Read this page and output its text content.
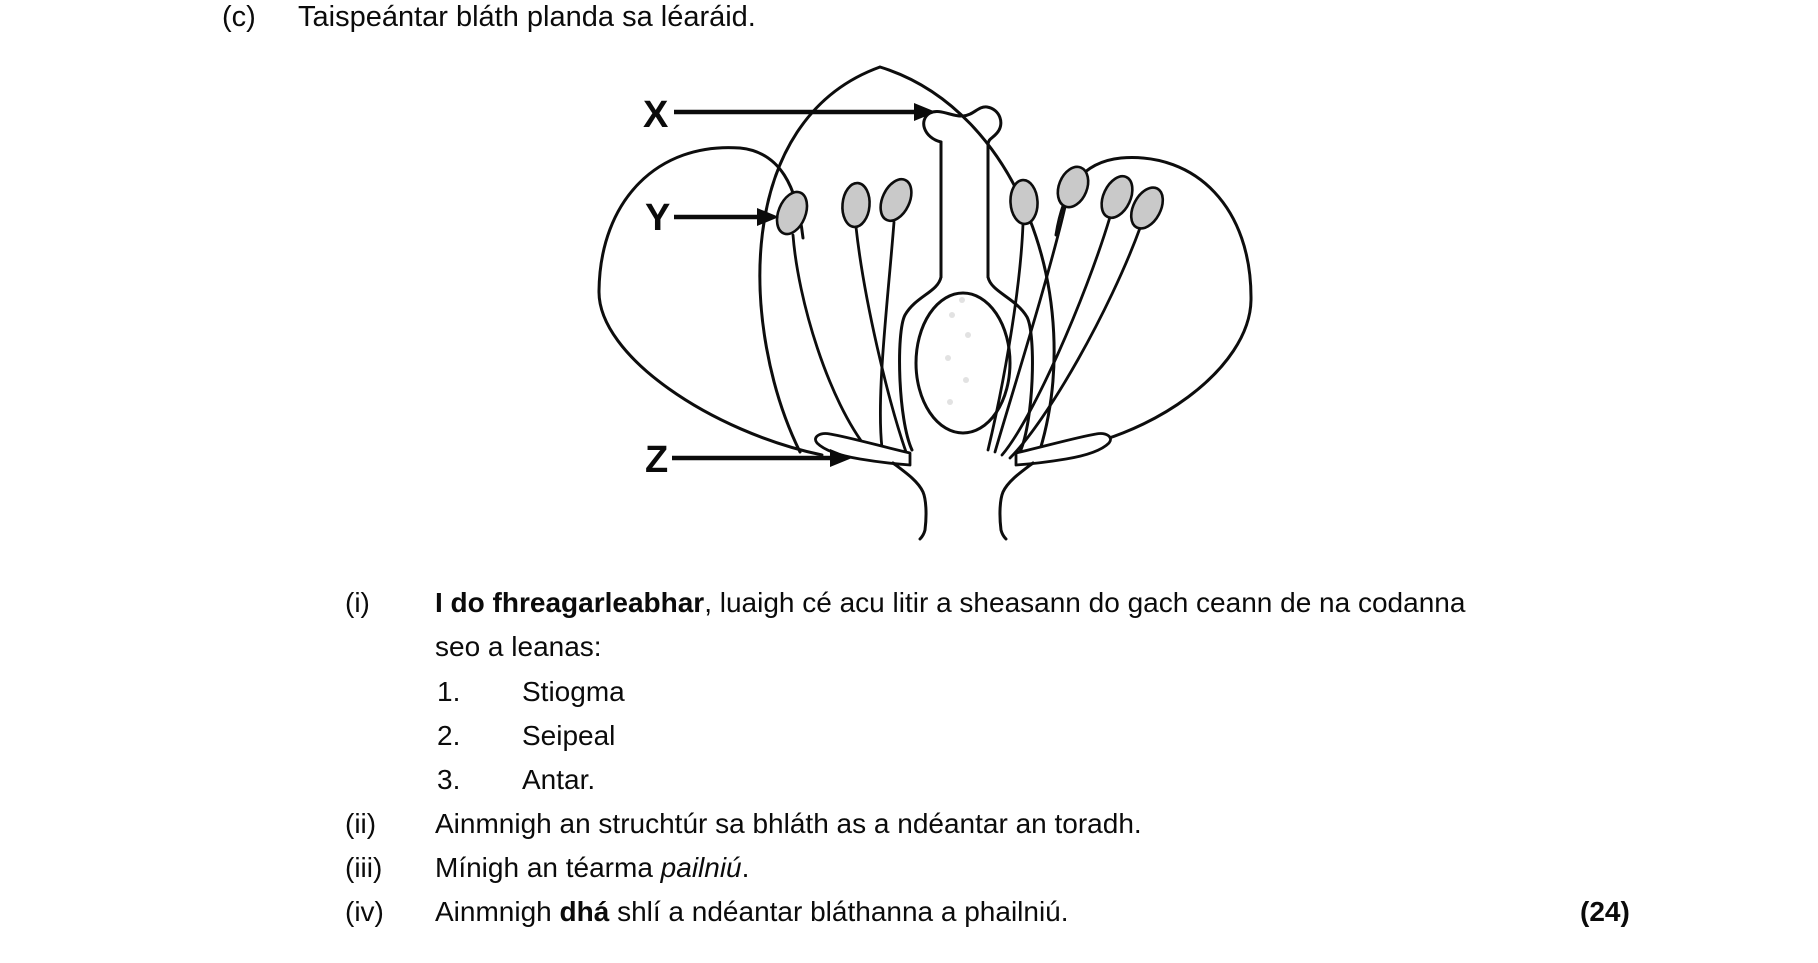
(c) Taispeántar bláth planda sa léaráid.
X
Y
Z
(i) I do fhreagarleabhar, luaigh cé acu litir a sheasann do gach ceann de na codanna
seo a leanas:
1. Stiogma
2. Seipeal
3. Antar.
(ii) Ainmnigh an struchtúr sa bhláth as a ndéantar an toradh.
(iii) Mínigh an téarma pailniú.
(iv) Ainmnigh dhá shlí a ndéantar bláthanna a phailniú.	(24)
